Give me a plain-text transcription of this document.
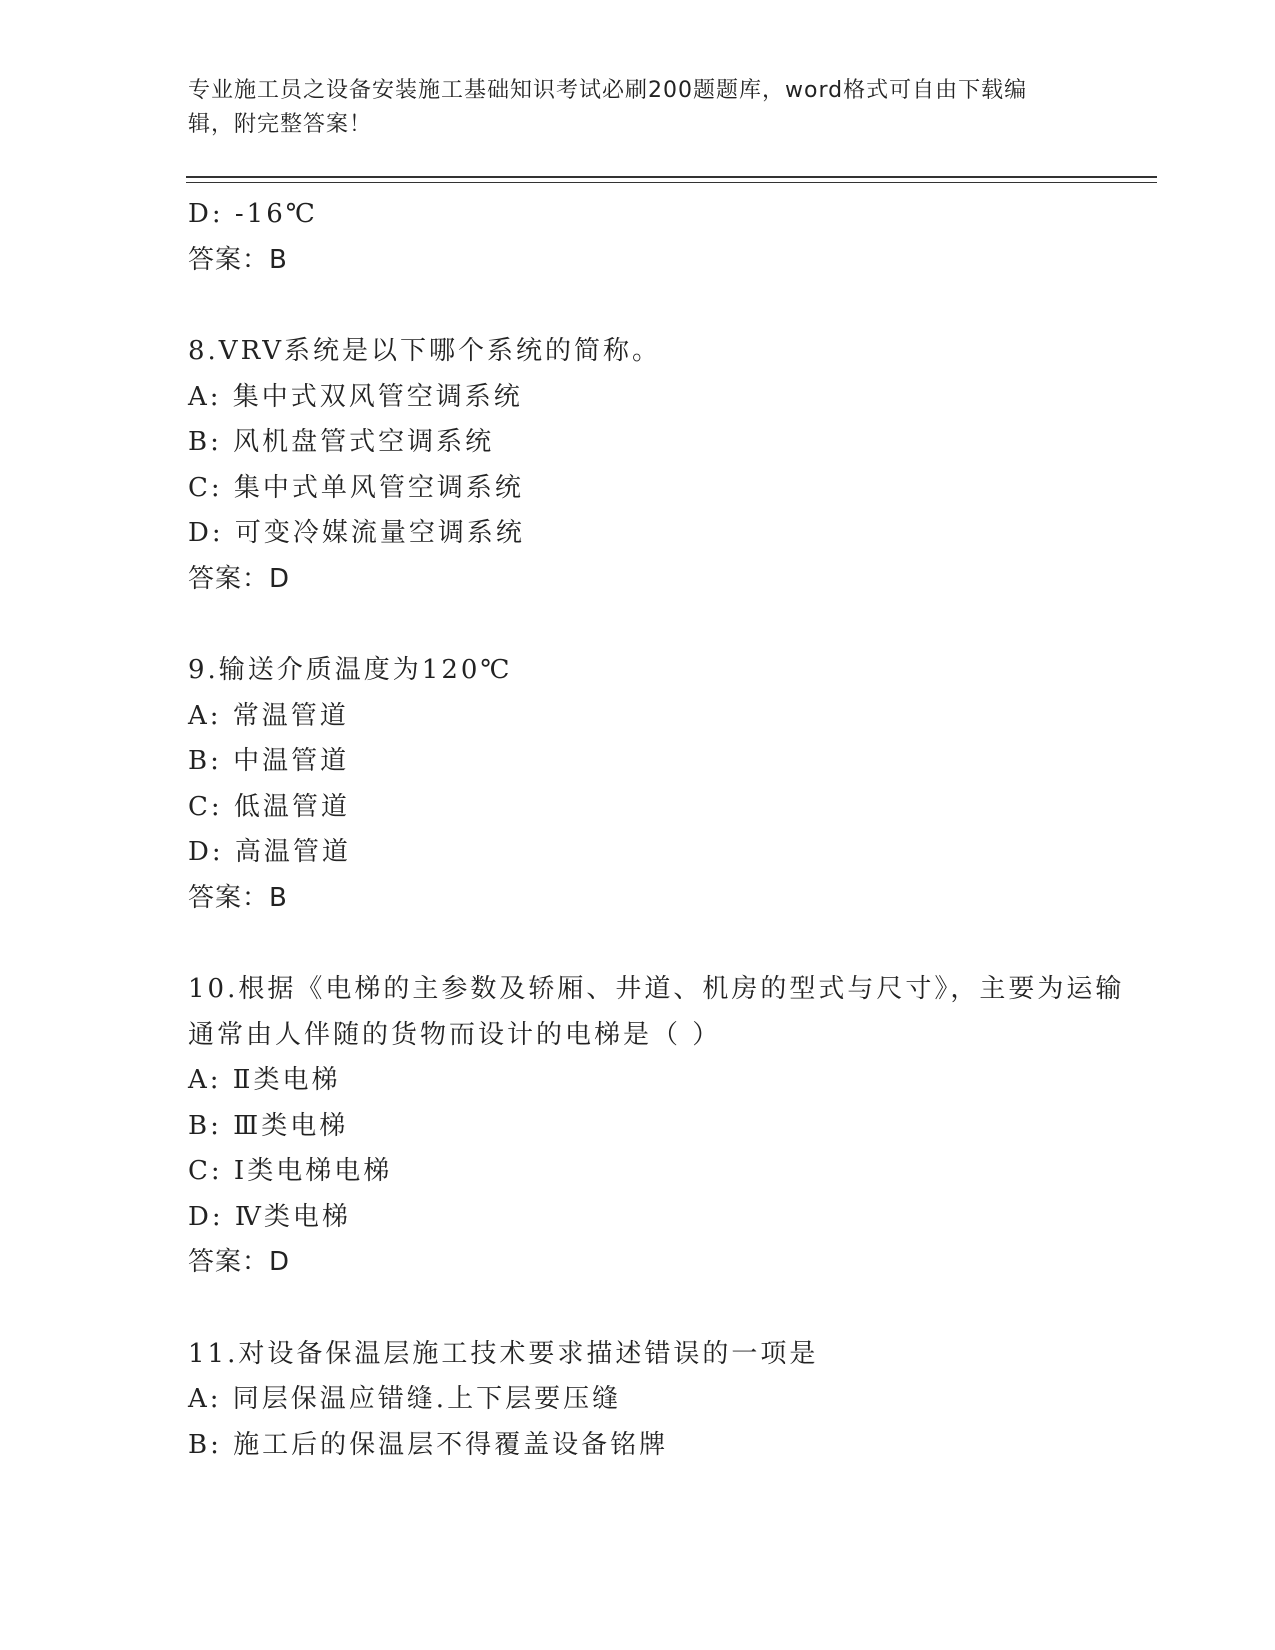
专业施工员之设备安装施工基础知识考试必刷200题题库，word格式可自由下载编辑，附完整答案！
D: -16℃
答案：B
8.VRV系统是以下哪个系统的简称。
A: 集中式双风管空调系统
B: 风机盘管式空调系统
C: 集中式单风管空调系统
D: 可变冷媒流量空调系统
答案：D
9.输送介质温度为120℃
A: 常温管道
B: 中温管道
C: 低温管道
D: 高温管道
答案：B
10.根据《电梯的主参数及轿厢、井道、机房的型式与尺寸》，主要为运输通常由人伴随的货物而设计的电梯是（ ）
A: Ⅱ类电梯
B: Ⅲ类电梯
C: Ⅰ类电梯电梯
D: Ⅳ类电梯
答案：D
11.对设备保温层施工技术要求描述错误的一项是
A: 同层保温应错缝.上下层要压缝
B: 施工后的保温层不得覆盖设备铭牌
